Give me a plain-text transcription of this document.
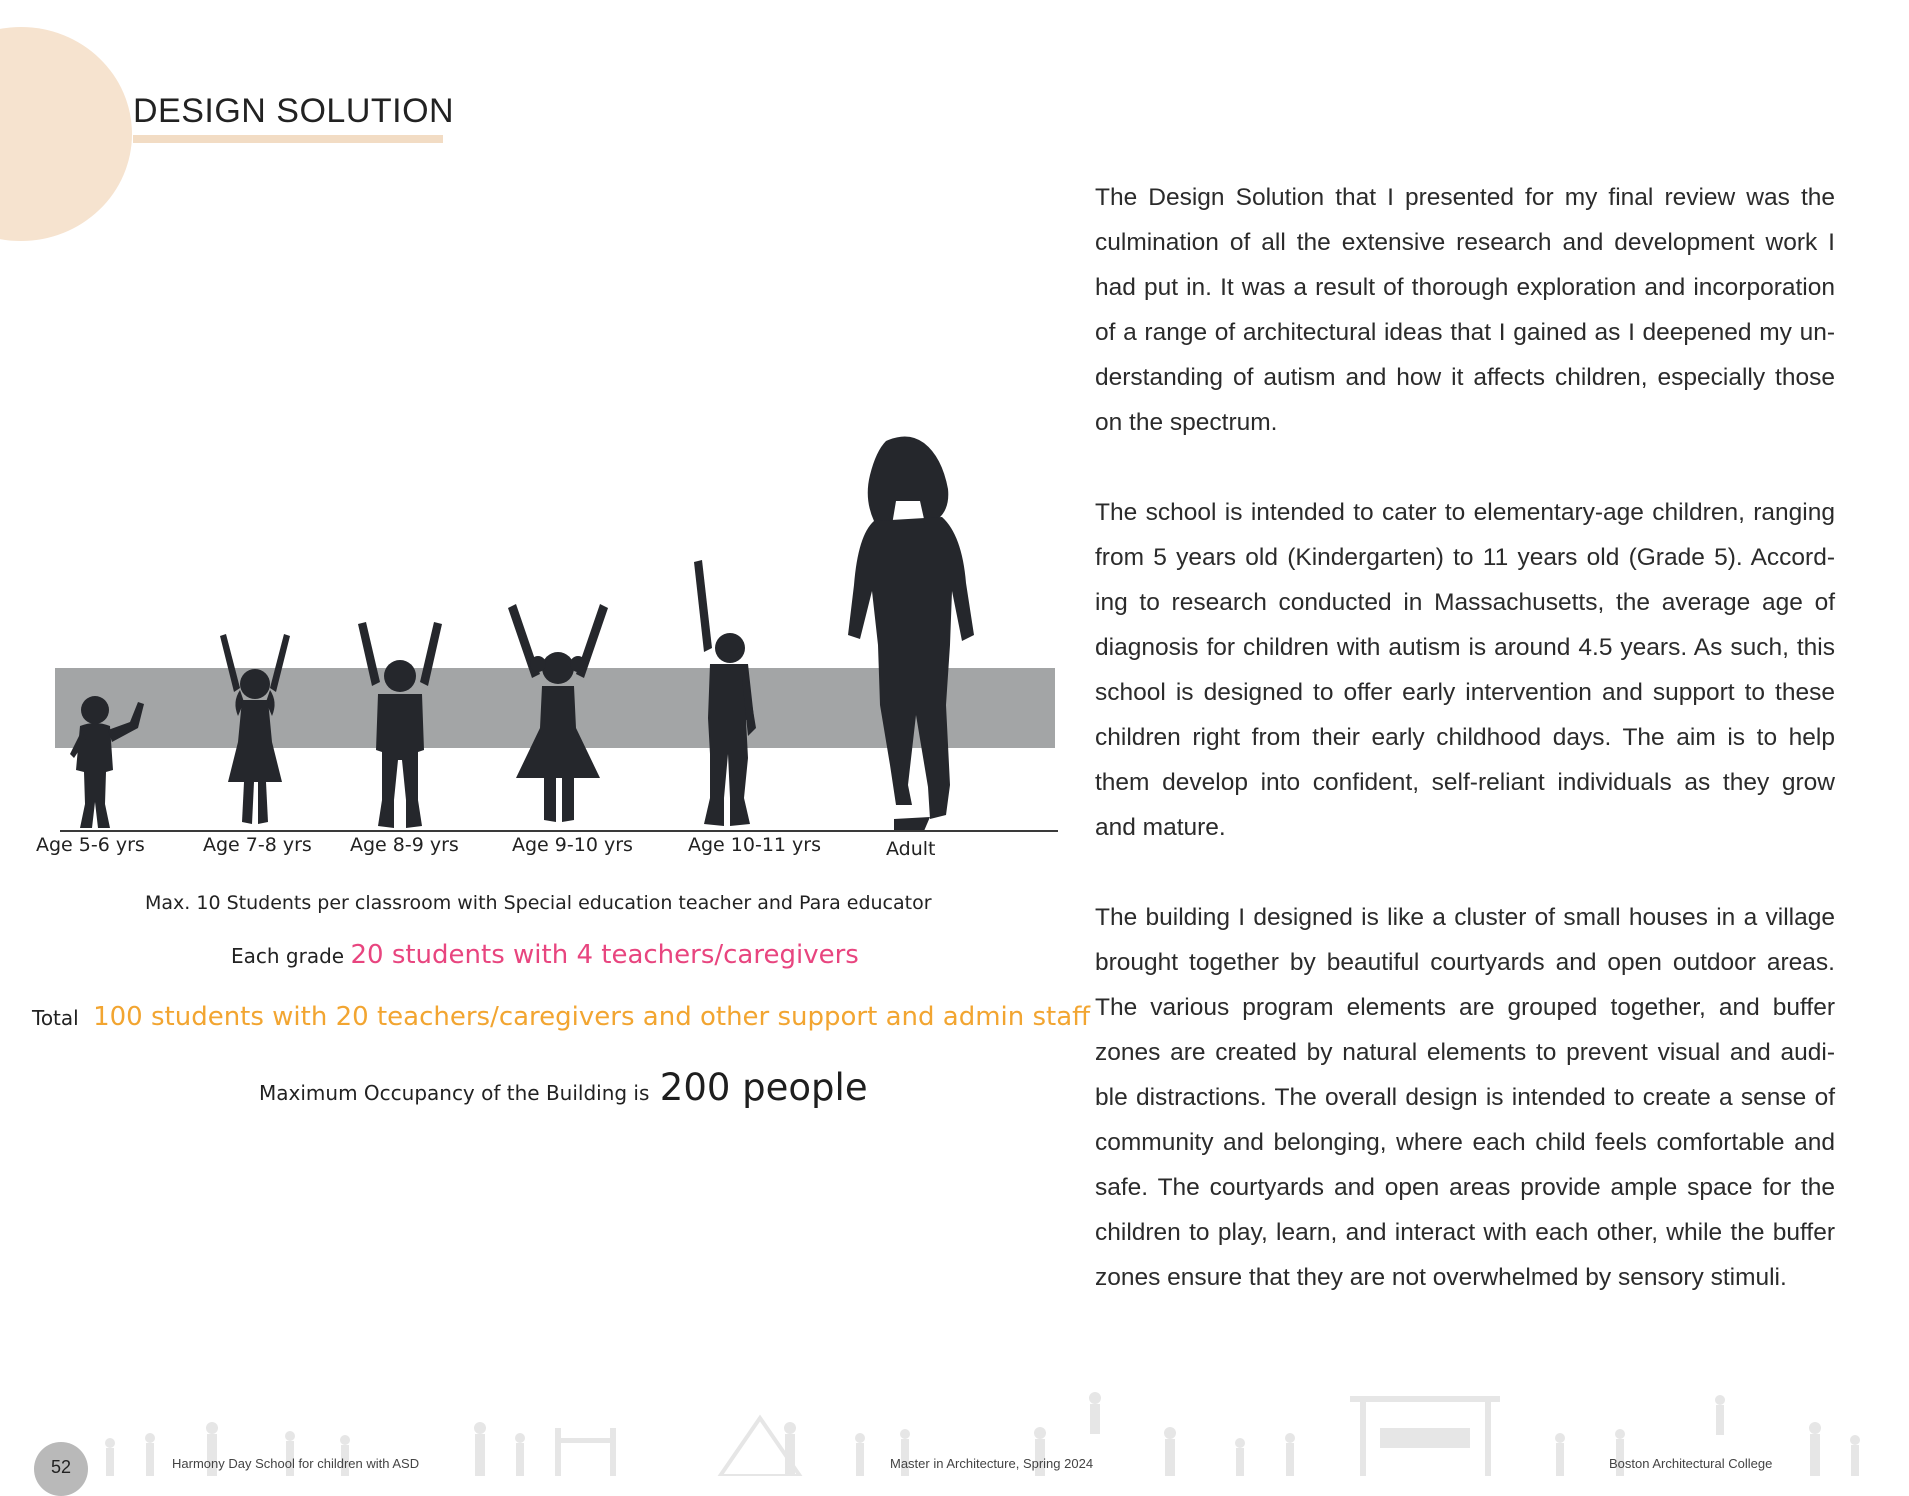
DESIGN SOLUTION
Age 5-6 yrs	Age 7-8 yrs Age 8-9 yrs	Age 9-10 yrs	Age 10-11 yrs	Adult
Max. 10 Students per classroom with Special education teacher and Para educator
Each grade 20 students with 4 teachers/caregivers
Total 100 students with 20 teachers/caregivers and other support and admin staff
Maximum Occupancy of the Building is 200 people

The Design Solution that I presented for my final review was the culmination of all the extensive research and development work I had put in. It was a result of thorough exploration and incorporation of a range of architectural ideas that I gained as I deepened my un-derstanding of autism and how it affects children, especially those on the spectrum.

The school is intended to cater to elementary-age children, ranging from 5 years old (Kindergarten) to 11 years old (Grade 5). Accord-ing to research conducted in Massachusetts, the average age of diagnosis for children with autism is around 4.5 years. As such, this school is designed to offer early intervention and support to these children right from their early childhood days. The aim is to help them develop into confident, self-reliant individuals as they grow and mature.

The building I designed is like a cluster of small houses in a village brought together by beautiful courtyards and open outdoor areas. The various program elements are grouped together, and buffer zones are created by natural elements to prevent visual and audi-ble distractions. The overall design is intended to create a sense of community and belonging, where each child feels comfortable and safe. The courtyards and open areas provide ample space for the children to play, learn, and interact with each other, while the buffer zones ensure that they are not overwhelmed by sensory stimuli.

52	Harmony Day School for children with ASD	Master in Architecture, Spring 2024	Boston Architectural College
